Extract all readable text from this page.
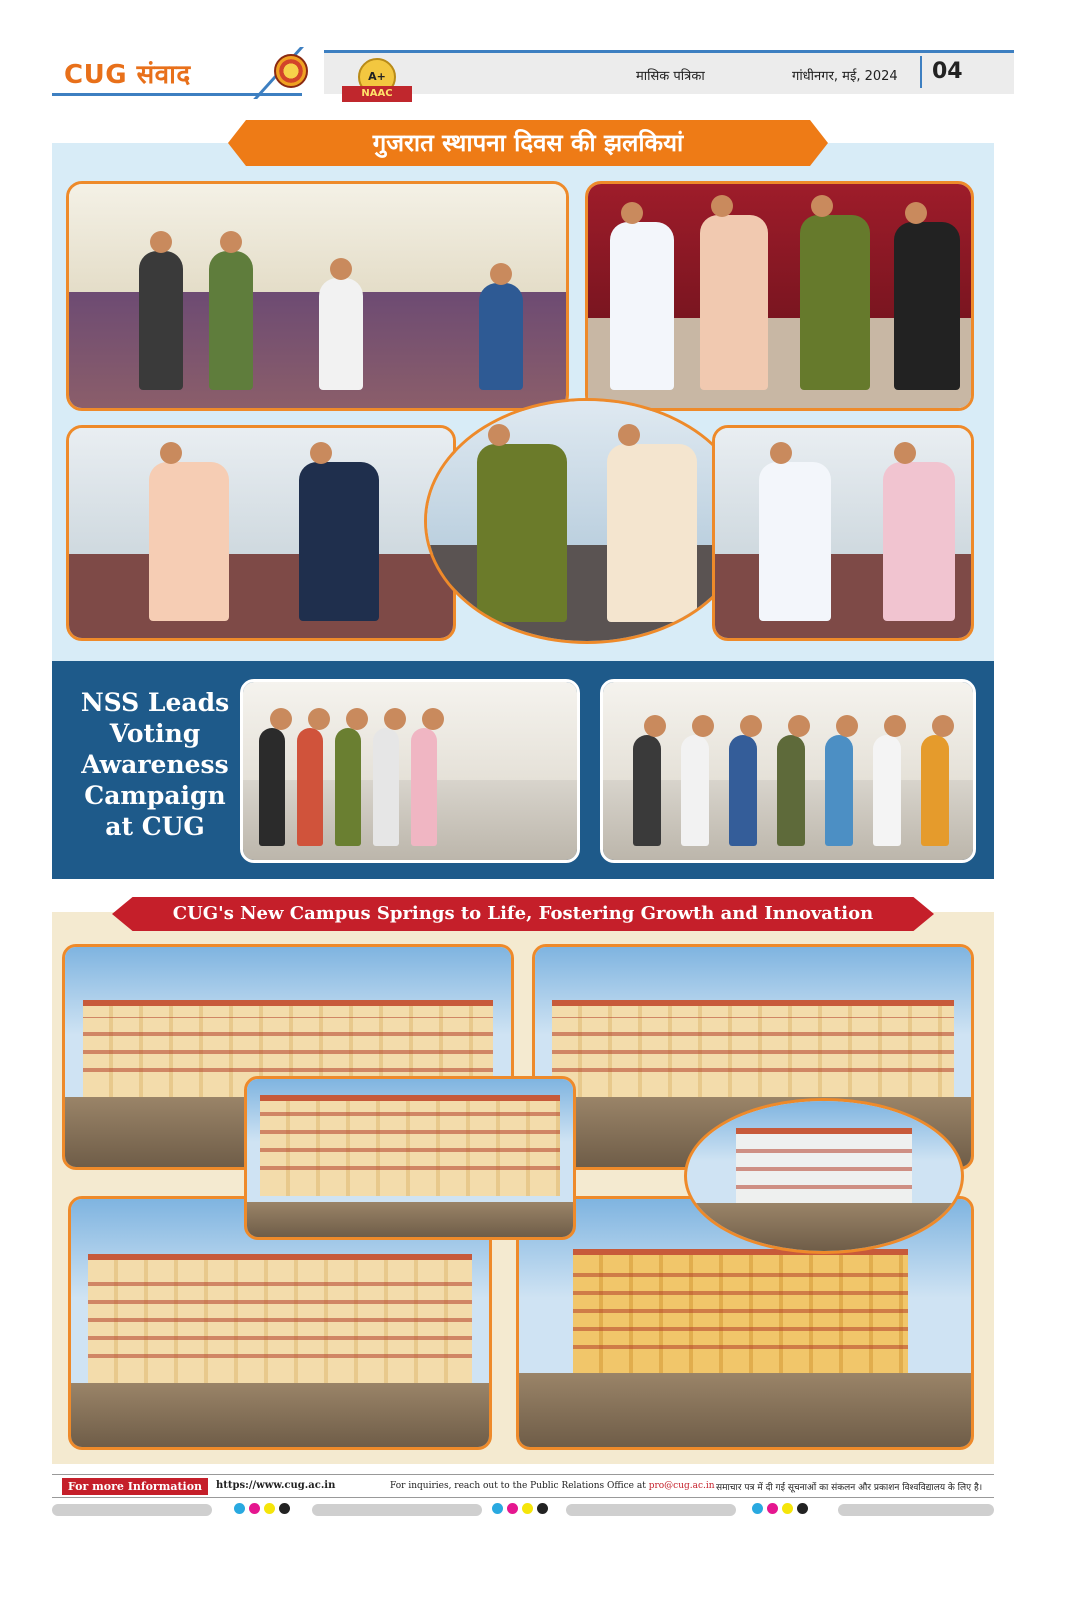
CUG संवाद	A+
NAAC
मासिक पत्रिका	गांधीनगर, मई, 2024 04
गुजरात स्थापना दिवस की झलकियां
NSS Leads
Voting
Awareness
Campaign
at CUG
CUG's New Campus Springs to Life, Fostering Growth and Innovation
For more Information	https://www.cug.ac.in	For inquiries, reach out to the Public Relations Office at pro@cug.ac.in समाचार पत्र में दी गई सूचनाओं का संकलन और प्रकाशन विश्वविद्यालय के लिए है।
